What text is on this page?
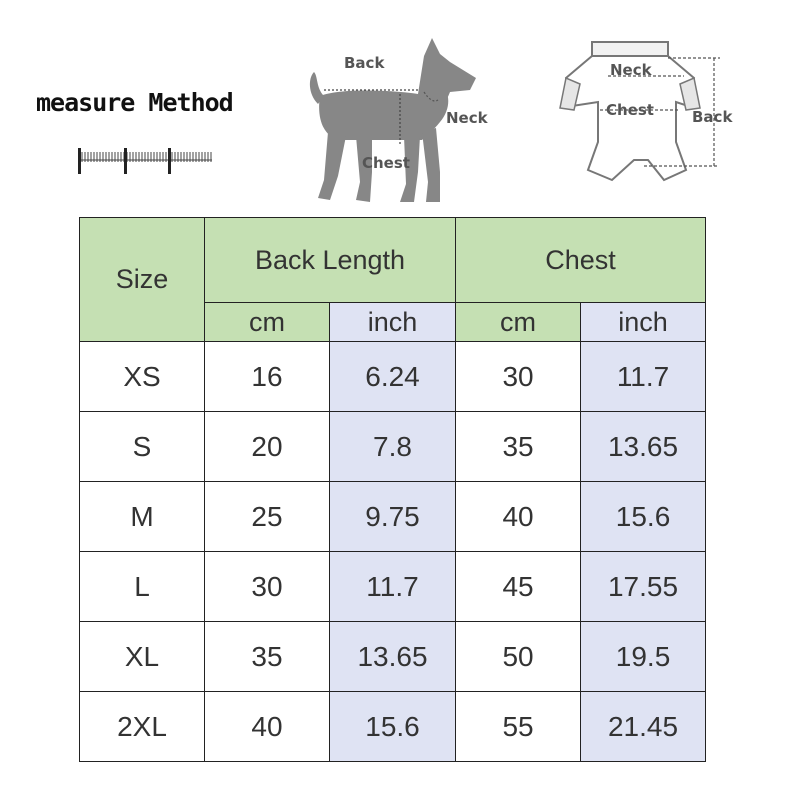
measure Method
Back
Neck
Chest
Neck
Chest	Back
Size	Back Length		Chest	
	cm	inch	cm	inch
XS	16	6.24	30	11.7
S	20	7.8	35	13.65
M	25	9.75	40	15.6
L	30	11.7	45	17.55
XL	35	13.65	50	19.5
2XL	40	15.6	55	21.45
